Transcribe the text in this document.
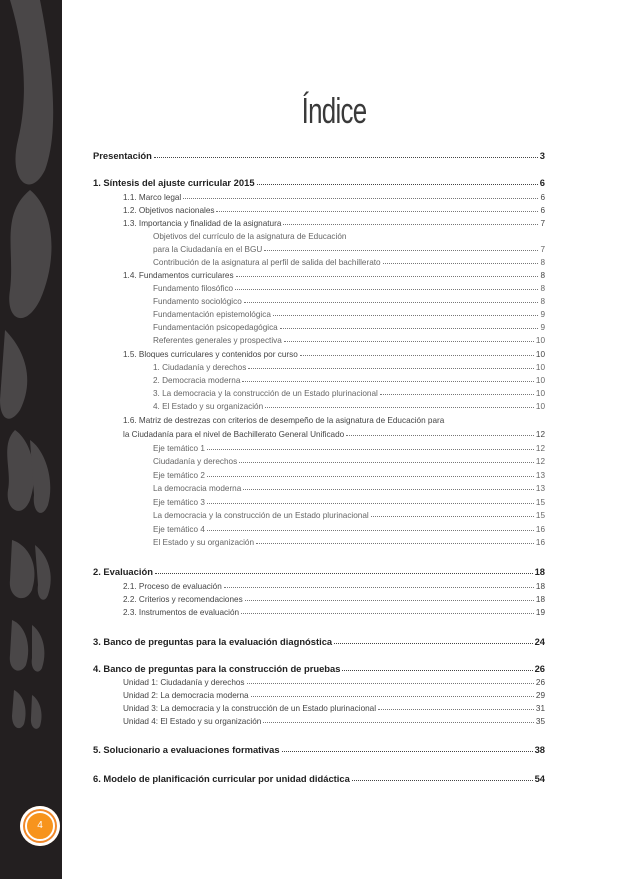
4
Índice
Presentación	3
1. Síntesis del ajuste curricular 2015	6
1.1. Marco legal	6
1.2. Objetivos nacionales	6
1.3. Importancia y finalidad de la asignatura	7
Objetivos del currículo de la asignatura de Educación
para la Ciudadanía en el BGU	7
Contribución de la asignatura al perfil de salida del bachillerato	8
1.4. Fundamentos curriculares	8
Fundamento filosófico	8
Fundamento sociológico	8
Fundamentación epistemológica	9
Fundamentación psicopedagógica	9
Referentes generales y prospectiva	10
1.5. Bloques curriculares y contenidos por curso	10
1. Ciudadanía y derechos	10
2. Democracia moderna	10
3. La democracia y la construcción de un Estado plurinacional	10
4. El Estado y su organización	10
1.6. Matriz de destrezas con criterios de desempeño de la asignatura de Educación para
la Ciudadanía para el nivel de Bachillerato General Unificado	12
Eje temático 1	12
Ciudadanía y derechos	12
Eje temático 2	13
La democracia moderna	13
Eje temático 3	15
La democracia y la construcción de un Estado plurinacional	15
Eje temático 4	16
El Estado y su organización	16
2. Evaluación	18
2.1. Proceso de evaluación	18
2.2. Criterios y recomendaciones	18
2.3. Instrumentos de evaluación	19
3. Banco de preguntas para la evaluación diagnóstica	24
4. Banco de preguntas para la construcción de pruebas	26
Unidad 1: Ciudadanía y derechos	26
Unidad 2: La democracia moderna	29
Unidad 3: La democracia y la construcción de un Estado plurinacional	31
Unidad 4: El Estado y su organización	35
5. Solucionario a evaluaciones formativas	38
6. Modelo de planificación curricular por unidad didáctica	54
